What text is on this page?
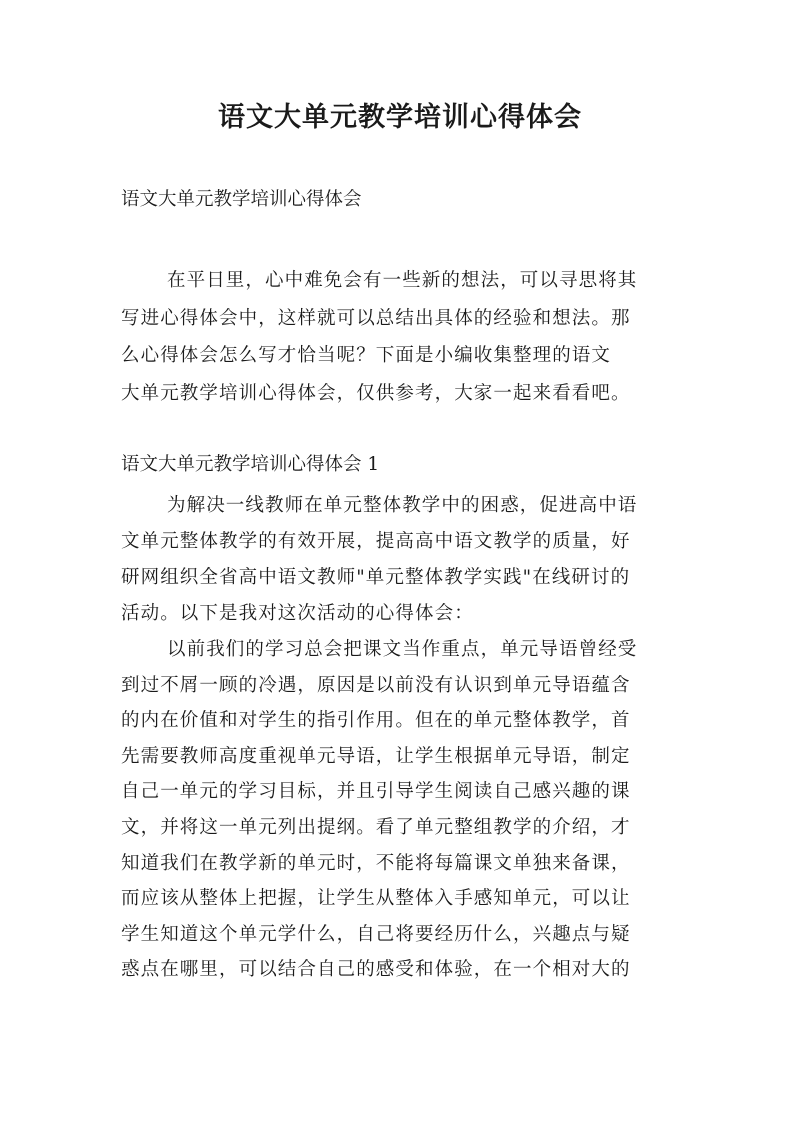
语文大单元教学培训心得体会

语文大单元教学培训心得体会

在平日里，心中难免会有一些新的想法，可以寻思将其
写进心得体会中，这样就可以总结出具体的经验和想法。那
么心得体会怎么写才恰当呢？下面是小编收集整理的语文
大单元教学培训心得体会，仅供参考，大家一起来看看吧。

语文大单元教学培训心得体会 1

为解决一线教师在单元整体教学中的困惑，促进高中语
文单元整体教学的有效开展，提高高中语文教学的质量，好
研网组织全省高中语文教师"单元整体教学实践"在线研讨的
活动。以下是我对这次活动的心得体会：
以前我们的学习总会把课文当作重点，单元导语曾经受
到过不屑一顾的冷遇，原因是以前没有认识到单元导语蕴含
的内在价值和对学生的指引作用。但在的单元整体教学，首
先需要教师高度重视单元导语，让学生根据单元导语，制定
自己一单元的学习目标，并且引导学生阅读自己感兴趣的课
文，并将这一单元列出提纲。看了单元整组教学的介绍，才
知道我们在教学新的单元时，不能将每篇课文单独来备课，
而应该从整体上把握，让学生从整体入手感知单元，可以让
学生知道这个单元学什么，自己将要经历什么，兴趣点与疑
惑点在哪里，可以结合自己的感受和体验，在一个相对大的
